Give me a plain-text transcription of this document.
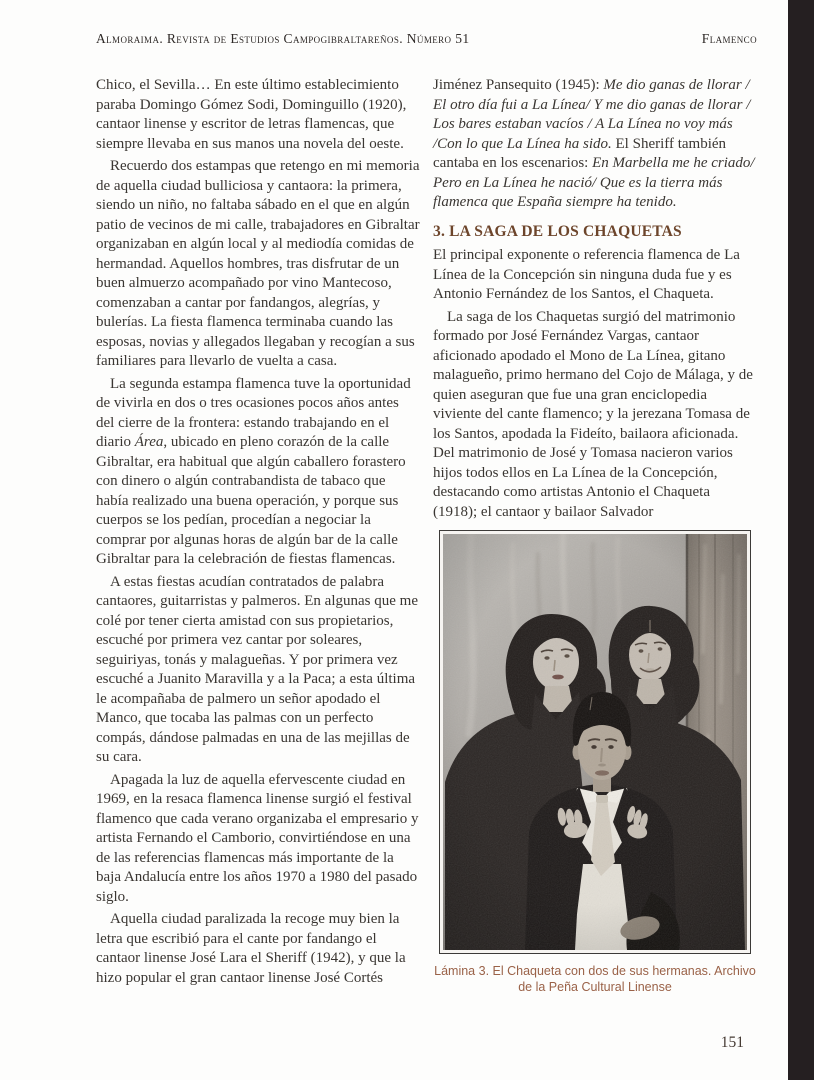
Almoraima. Revista de Estudios Campogibraltareños. Número 51	Flamenco

Chico, el Sevilla… En este último establecimiento paraba Domingo Gómez Sodi, Dominguillo (1920), cantaor linense y escritor de letras flamencas, que siempre llevaba en sus manos una novela del oeste.

Recuerdo dos estampas que retengo en mi memoria de aquella ciudad bulliciosa y cantaora: la primera, siendo un niño, no faltaba sábado en el que en algún patio de vecinos de mi calle, trabajadores en Gibraltar organizaban en algún local y al mediodía comidas de hermandad. Aquellos hombres, tras disfrutar de un buen almuerzo acompañado por vino Mantecoso, comenzaban a cantar por fandangos, alegrías, y bulerías. La fiesta flamenca terminaba cuando las esposas, novias y allegados llegaban y recogían a sus familiares para llevarlo de vuelta a casa.

La segunda estampa flamenca tuve la oportunidad de vivirla en dos o tres ocasiones pocos años antes del cierre de la frontera: estando trabajando en el diario Área, ubicado en pleno corazón de la calle Gibraltar, era habitual que algún caballero forastero con dinero o algún contrabandista de tabaco que había realizado una buena operación, y porque sus cuerpos se los pedían, procedían a negociar la comprar por algunas horas de algún bar de la calle Gibraltar para la celebración de fiestas flamencas.

A estas fiestas acudían contratados de palabra cantaores, guitarristas y palmeros. En algunas que me colé por tener cierta amistad con sus propietarios, escuché por primera vez cantar por soleares, seguiriyas, tonás y malagueñas. Y por primera vez escuché a Juanito Maravilla y a la Paca; a esta última le acompañaba de palmero un señor apodado el Manco, que tocaba las palmas con un perfecto compás, dándose palmadas en una de las mejillas de su cara.

Apagada la luz de aquella efervescente ciudad en 1969, en la resaca flamenca linense surgió el festival flamenco que cada verano organizaba el empresario y artista Fernando el Camborio, convirtiéndose en una de las referencias flamencas más importante de la baja Andalucía entre los años 1970 a 1980 del pasado siglo.

Aquella ciudad paralizada la recoge muy bien la letra que escribió para el cante por fandango el cantaor linense José Lara el Sheriff (1942), y que la hizo popular el gran cantaor linense José Cortés

Jiménez Pansequito (1945): Me dio ganas de llorar / El otro día fui a La Línea/ Y me dio ganas de llorar / Los bares estaban vacíos / A La Línea no voy más /Con lo que La Línea ha sido. El Sheriff también cantaba en los escenarios: En Marbella me he criado/ Pero en La Línea he nació/ Que es la tierra más flamenca que España siempre ha tenido.

3. LA SAGA DE LOS CHAQUETAS

El principal exponente o referencia flamenca de La Línea de la Concepción sin ninguna duda fue y es Antonio Fernández de los Santos, el Chaqueta.

La saga de los Chaquetas surgió del matrimonio formado por José Fernández Vargas, cantaor aficionado apodado el Mono de La Línea, gitano malagueño, primo hermano del Cojo de Málaga, y de quien aseguran que fue una gran enciclopedia viviente del cante flamenco; y la jerezana Tomasa de los Santos, apodada la Fideíto, bailaora aficionada. Del matrimonio de José y Tomasa nacieron varios hijos todos ellos en La Línea de la Concepción, destacando como artistas Antonio el Chaqueta (1918); el cantaor y bailaor Salvador

Lámina 3. El Chaqueta con dos de sus hermanas. Archivo de la Peña Cultural Linense
151
